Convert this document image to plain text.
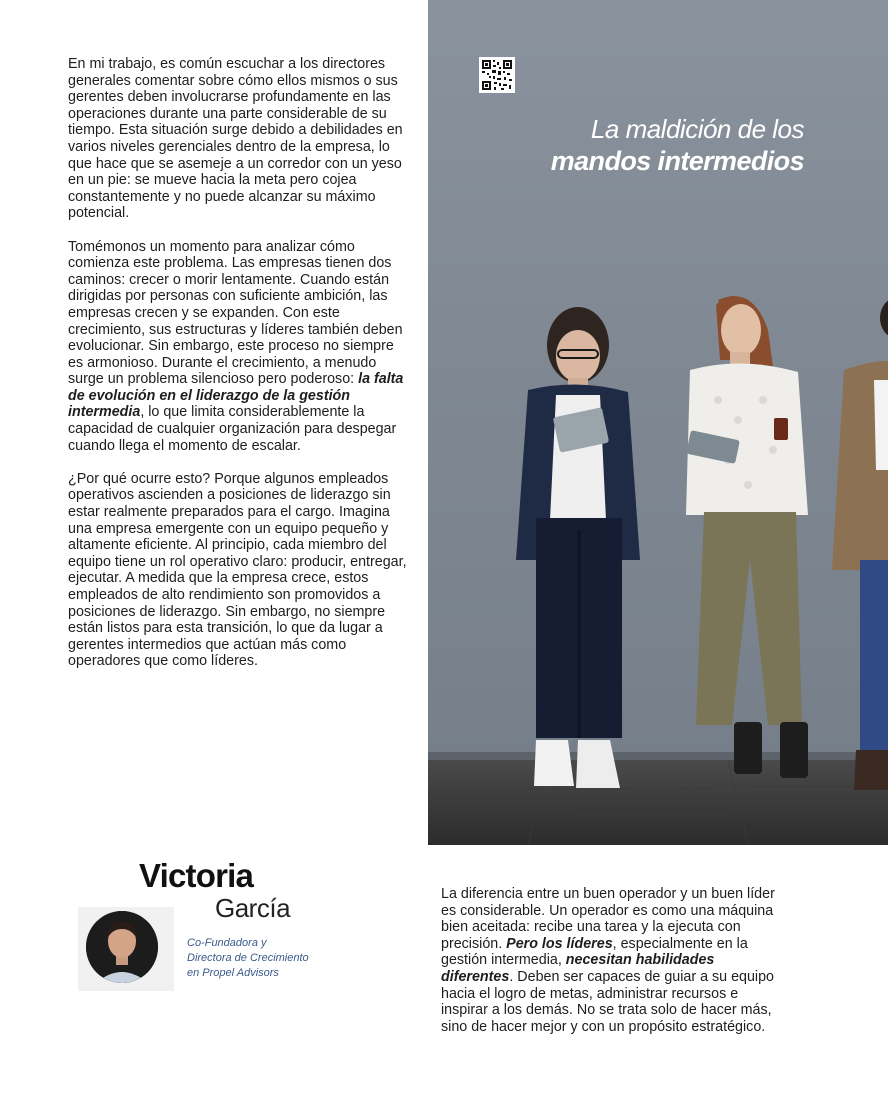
En mi trabajo, es común escuchar a los directores generales comentar sobre cómo ellos mismos o sus gerentes deben involucrarse profundamente en las operaciones durante una parte considerable de su tiempo. Esta situación surge debido a debilidades en varios niveles gerenciales dentro de la empresa, lo que hace que se asemeje a un corredor con un yeso en un pie: se mueve hacia la meta pero cojea constantemente y no puede alcanzar su máximo potencial.

Tomémonos un momento para analizar cómo comienza este problema. Las empresas tienen dos caminos: crecer o morir lentamente. Cuando están dirigidas por personas con suficiente ambición, las empresas crecen y se expanden. Con este crecimiento, sus estructuras y líderes también deben evolucionar. Sin embargo, este proceso no siempre es armonioso. Durante el crecimiento, a menudo surge un problema silencioso pero poderoso: la falta de evolución en el liderazgo de la gestión intermedia, lo que limita considerablemente la capacidad de cualquier organización para despegar cuando llega el momento de escalar.

¿Por qué ocurre esto? Porque algunos empleados operativos ascienden a posiciones de liderazgo sin estar realmente preparados para el cargo. Imagina una empresa emergente con un equipo pequeño y altamente eficiente. Al principio, cada miembro del equipo tiene un rol operativo claro: producir, entregar, ejecutar. A medida que la empresa crece, estos empleados de alto rendimiento son promovidos a posiciones de liderazgo. Sin embargo, no siempre están listos para esta transición, lo que da lugar a gerentes intermedios que actúan más como operadores que como líderes.

La maldición de los
mandos intermedios
Victoria
García
Co-Fundadora y
Directora de Crecimiento
en Propel Advisors

La diferencia entre un buen operador y un buen líder es considerable. Un operador es como una máquina bien aceitada: recibe una tarea y la ejecuta con precisión. Pero los líderes, especialmente en la gestión intermedia, necesitan habilidades diferentes. Deben ser capaces de guiar a su equipo hacia el logro de metas, administrar recursos e inspirar a los demás. No se trata solo de hacer más, sino de hacer mejor y con un propósito estratégico.
